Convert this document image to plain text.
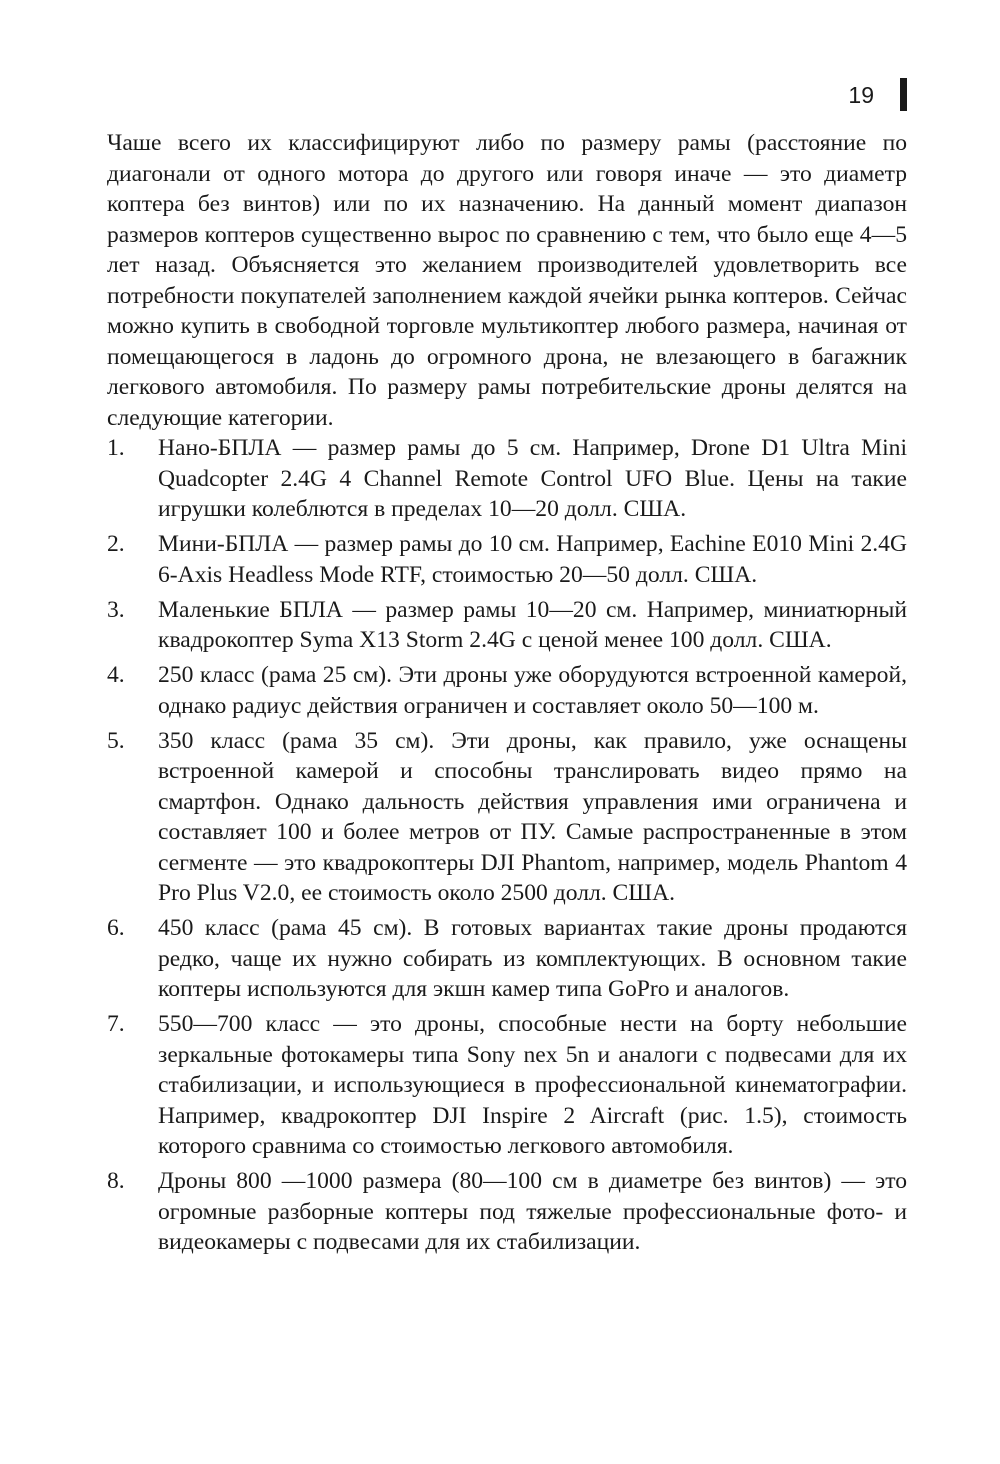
19

Чаше всего их классифицируют либо по размеру рамы (расстояние по диагонали от одного мотора до другого или говоря иначе — это диаметр коптера без винтов) или по их назначению. На данный момент диапазон размеров коптеров существенно вырос по сравнению с тем, что было еще 4—5 лет назад. Объясняется это желанием производителей удовлетворить все потребности покупателей заполнением каждой ячейки рынка коптеров. Сейчас можно купить в свободной торговле мультикоптер любого размера, начиная от помещающегося в ладонь до огромного дрона, не влезающего в багажник легкового автомобиля. По размеру рамы потребительские дроны делятся на следующие категории.

1. Нано-БПЛА — размер рамы до 5 см. Например, Drone D1 Ultra Mini Quadcopter 2.4G 4 Channel Remote Control UFO Blue. Цены на такие игрушки колеблются в пределах 10—20 долл. США.
2. Мини-БПЛА — размер рамы до 10 см. Например, Eachine E010 Mini 2.4G 6-Axis Headless Mode RTF, стоимостью 20—50 долл. США.
3. Маленькие БПЛА — размер рамы 10—20 см. Например, миниатюрный квадрокоптер Syma X13 Storm 2.4G с ценой менее 100 долл. США.
4. 250 класс (рама 25 см). Эти дроны уже оборудуются встроенной камерой, однако радиус действия ограничен и составляет около 50—100 м.
5. 350 класс (рама 35 см). Эти дроны, как правило, уже оснащены встроенной камерой и способны транслировать видео прямо на смартфон. Однако дальность действия управления ими ограничена и составляет 100 и более метров от ПУ. Самые распространенные в этом сегменте — это квадрокоптеры DJI Phantom, например, модель Phantom 4 Pro Plus V2.0, ее стоимость около 2500 долл. США.
6. 450 класс (рама 45 см). В готовых вариантах такие дроны продаются редко, чаще их нужно собирать из комплектующих. В основном такие коптеры используются для экшн камер типа GoPro и аналогов.
7. 550—700 класс — это дроны, способные нести на борту небольшие зеркальные фотокамеры типа Sony nex 5n и аналоги с подвесами для их стабилизации, и использующиеся в профессиональной кинематографии. Например, квадрокоптер DJI Inspire 2 Aircraft (рис. 1.5), стоимость которого сравнима со стоимостью легкового автомобиля.
8. Дроны 800 —1000 размера (80—100 см в диаметре без винтов) — это огромные разборные коптеры под тяжелые профессиональные фото- и видеокамеры с подвесами для их стабилизации.
